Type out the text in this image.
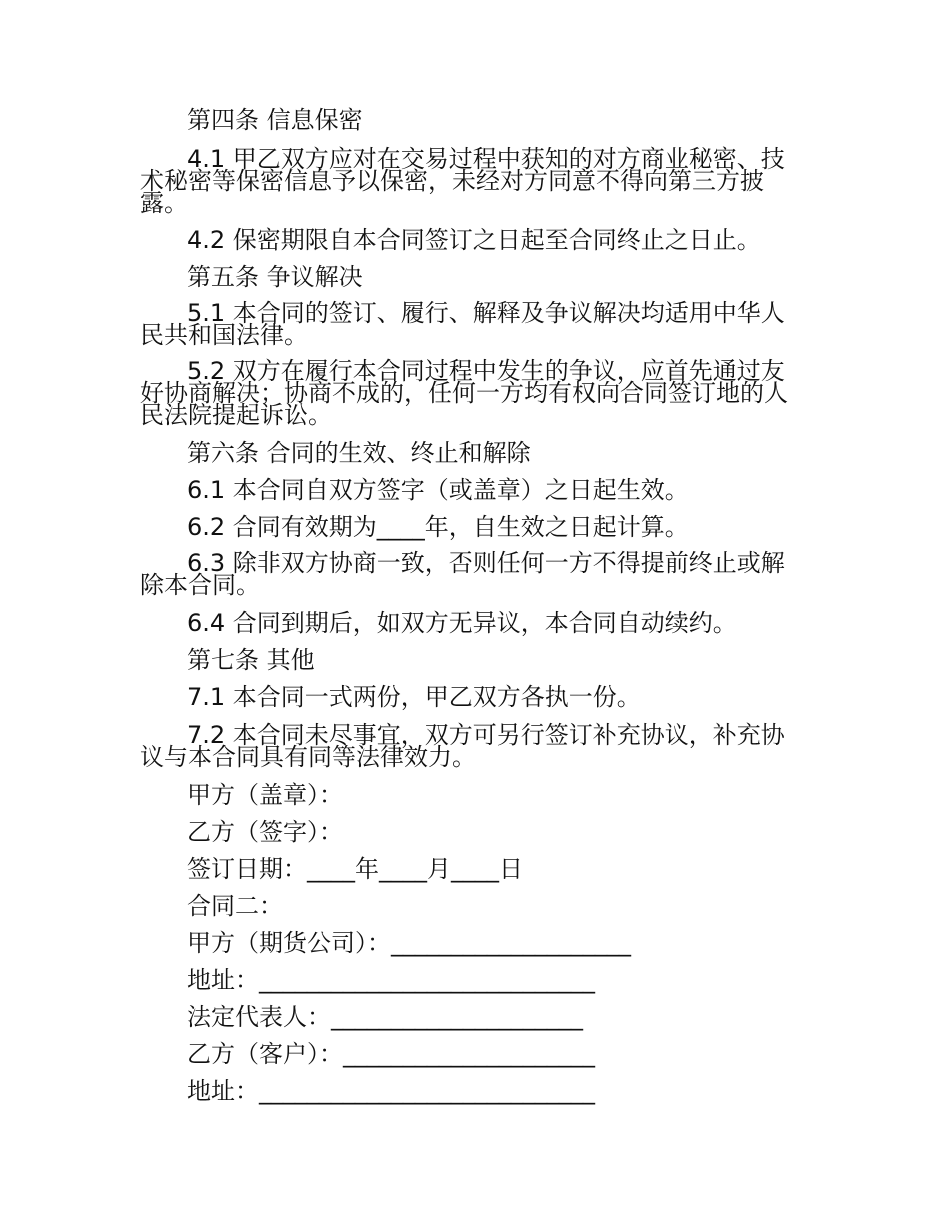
第四条 信息保密

4.1 甲乙双方应对在交易过程中获知的对方商业秘密、技

术秘密等保密信息予以保密，未经对方同意不得向第三方披

露。

4.2 保密期限自本合同签订之日起至合同终止之日止。

第五条 争议解决

5.1 本合同的签订、履行、解释及争议解决均适用中华人

民共和国法律。

5.2 双方在履行本合同过程中发生的争议，应首先通过友

好协商解决；协商不成的，任何一方均有权向合同签订地的人

民法院提起诉讼。

第六条 合同的生效、终止和解除

6.1 本合同自双方签字（或盖章）之日起生效。

6.2 合同有效期为____年，自生效之日起计算。

6.3 除非双方协商一致，否则任何一方不得提前终止或解

除本合同。

6.4 合同到期后，如双方无异议，本合同自动续约。

第七条 其他

7.1 本合同一式两份，甲乙双方各执一份。

7.2 本合同未尽事宜，双方可另行签订补充协议，补充协

议与本合同具有同等法律效力。

甲方（盖章）：

乙方（签字）：

签订日期：____年____月____日

合同二：

甲方（期货公司）：____________________

地址：____________________________

法定代表人：_____________________

乙方（客户）：_____________________

地址：____________________________
